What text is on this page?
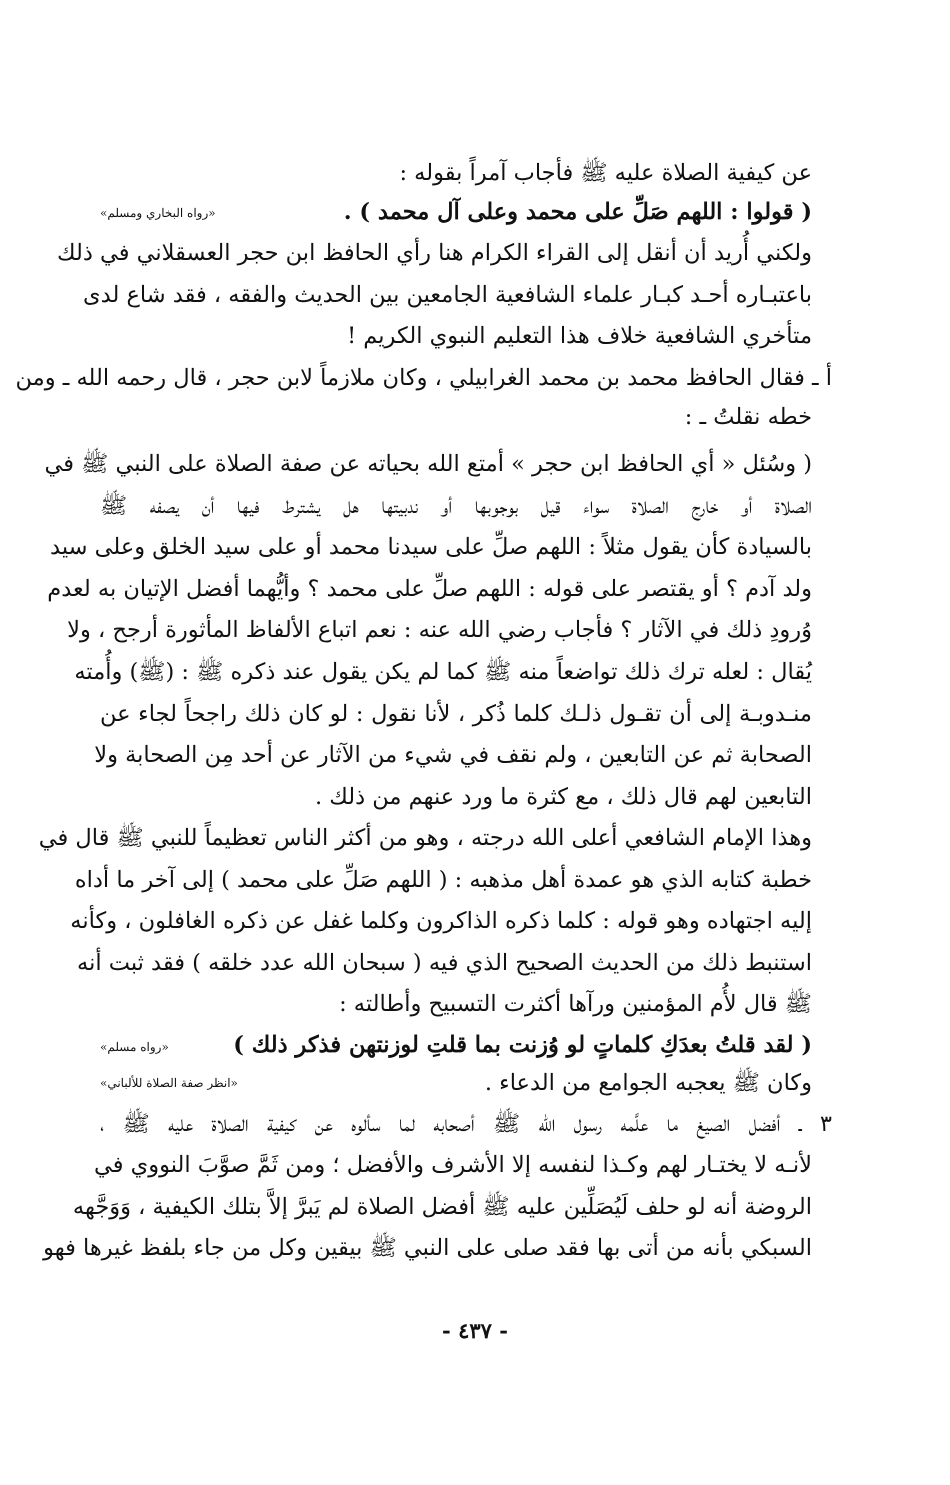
عن كيفية الصلاة عليه ﷺ فأجاب آمراً بقوله :
( قولوا : اللهم صَلِّ على محمد وعلى آل محمد ) .
«رواه البخاري ومسلم»
ولكني أُريد أن أنقل إلى القراء الكرام هنا رأي الحافظ ابن حجر العسقلاني في ذلك
باعتبـاره أحـد كبـار علماء الشافعية الجامعين بين الحديث والفقه ، فقد شاع لدى
متأخري الشافعية خلاف هذا التعليم النبوي الكريم !
أ ـ فقال الحافظ محمد بن محمد الغرابيلي ، وكان ملازماً لابن حجر ، قال رحمه الله ـ ومن
خطه نقلتُ ـ :
( وسُئل « أي الحافظ ابن حجر » أمتع الله بحياته عن صفة الصلاة على النبي ﷺ في
الصلاة أو خارج الصلاة سواء قيل بوجوبها أو ندبيتها هل يشترط فيها أن يصفه ﷺ
بالسيادة كأن يقول مثلاً : اللهم صلِّ على سيدنا محمد أو على سيد الخلق وعلى سيد
ولد آدم ؟ أو يقتصر على قوله : اللهم صلِّ على محمد ؟ وأيُّهما أفضل الإتيان به لعدم
وُرودِ ذلك في الآثار ؟ فأجاب رضي الله عنه : نعم اتباع الألفاظ المأثورة أرجح ، ولا
يُقال : لعله ترك ذلك تواضعاً منه ﷺ كما لم يكن يقول عند ذكره ﷺ : (ﷺ) وأُمته
منـدوبـة إلى أن تقـول ذلـك كلما ذُكر ، لأنا نقول : لو كان ذلك راجحاً لجاء عن
الصحابة ثم عن التابعين ، ولم نقف في شيء من الآثار عن أحد مِن الصحابة ولا
التابعين لهم قال ذلك ، مع كثرة ما ورد عنهم من ذلك .
وهذا الإمام الشافعي أعلى الله درجته ، وهو من أكثر الناس تعظيماً للنبي ﷺ قال في
خطبة كتابه الذي هو عمدة أهل مذهبه : ( اللهم صَلِّ على محمد ) إلى آخر ما أداه
إليه اجتهاده وهو قوله : كلما ذكره الذاكرون وكلما غفل عن ذكره الغافلون ، وكأنه
استنبط ذلك من الحديث الصحيح الذي فيه ( سبحان الله عدد خلقه ) فقد ثبت أنه
ﷺ قال لأُم المؤمنين ورآها أكثرت التسبيح وأطالته :
( لقد قلتُ بعدَكِ كلماتٍ لو وُزنت بما قلتِ لوزنتهن فذكر ذلك )
«رواه مسلم»
وكان ﷺ يعجبه الجوامع من الدعاء .
«انظر صفة الصلاة للألباني»
٣ ـ أفضل الصيغ ما علَّمه رسول الله ﷺ أصحابه لما سألوه عن كيفية الصلاة عليه ﷺ ،
لأنـه لا يختـار لهم وكـذا لنفسه إلا الأشرف والأفضل ؛ ومن ثَمَّ صوَّبَ النووي في
الروضة أنه لو حلف لَيُصَلِّين عليه ﷺ أفضل الصلاة لم يَبرَّ إلاَّ بتلك الكيفية ، وَوَجَّهه
السبكي بأنه من أتى بها فقد صلى على النبي ﷺ بيقين وكل من جاء بلفظ غيرها فهو
- ٤٣٧ -
